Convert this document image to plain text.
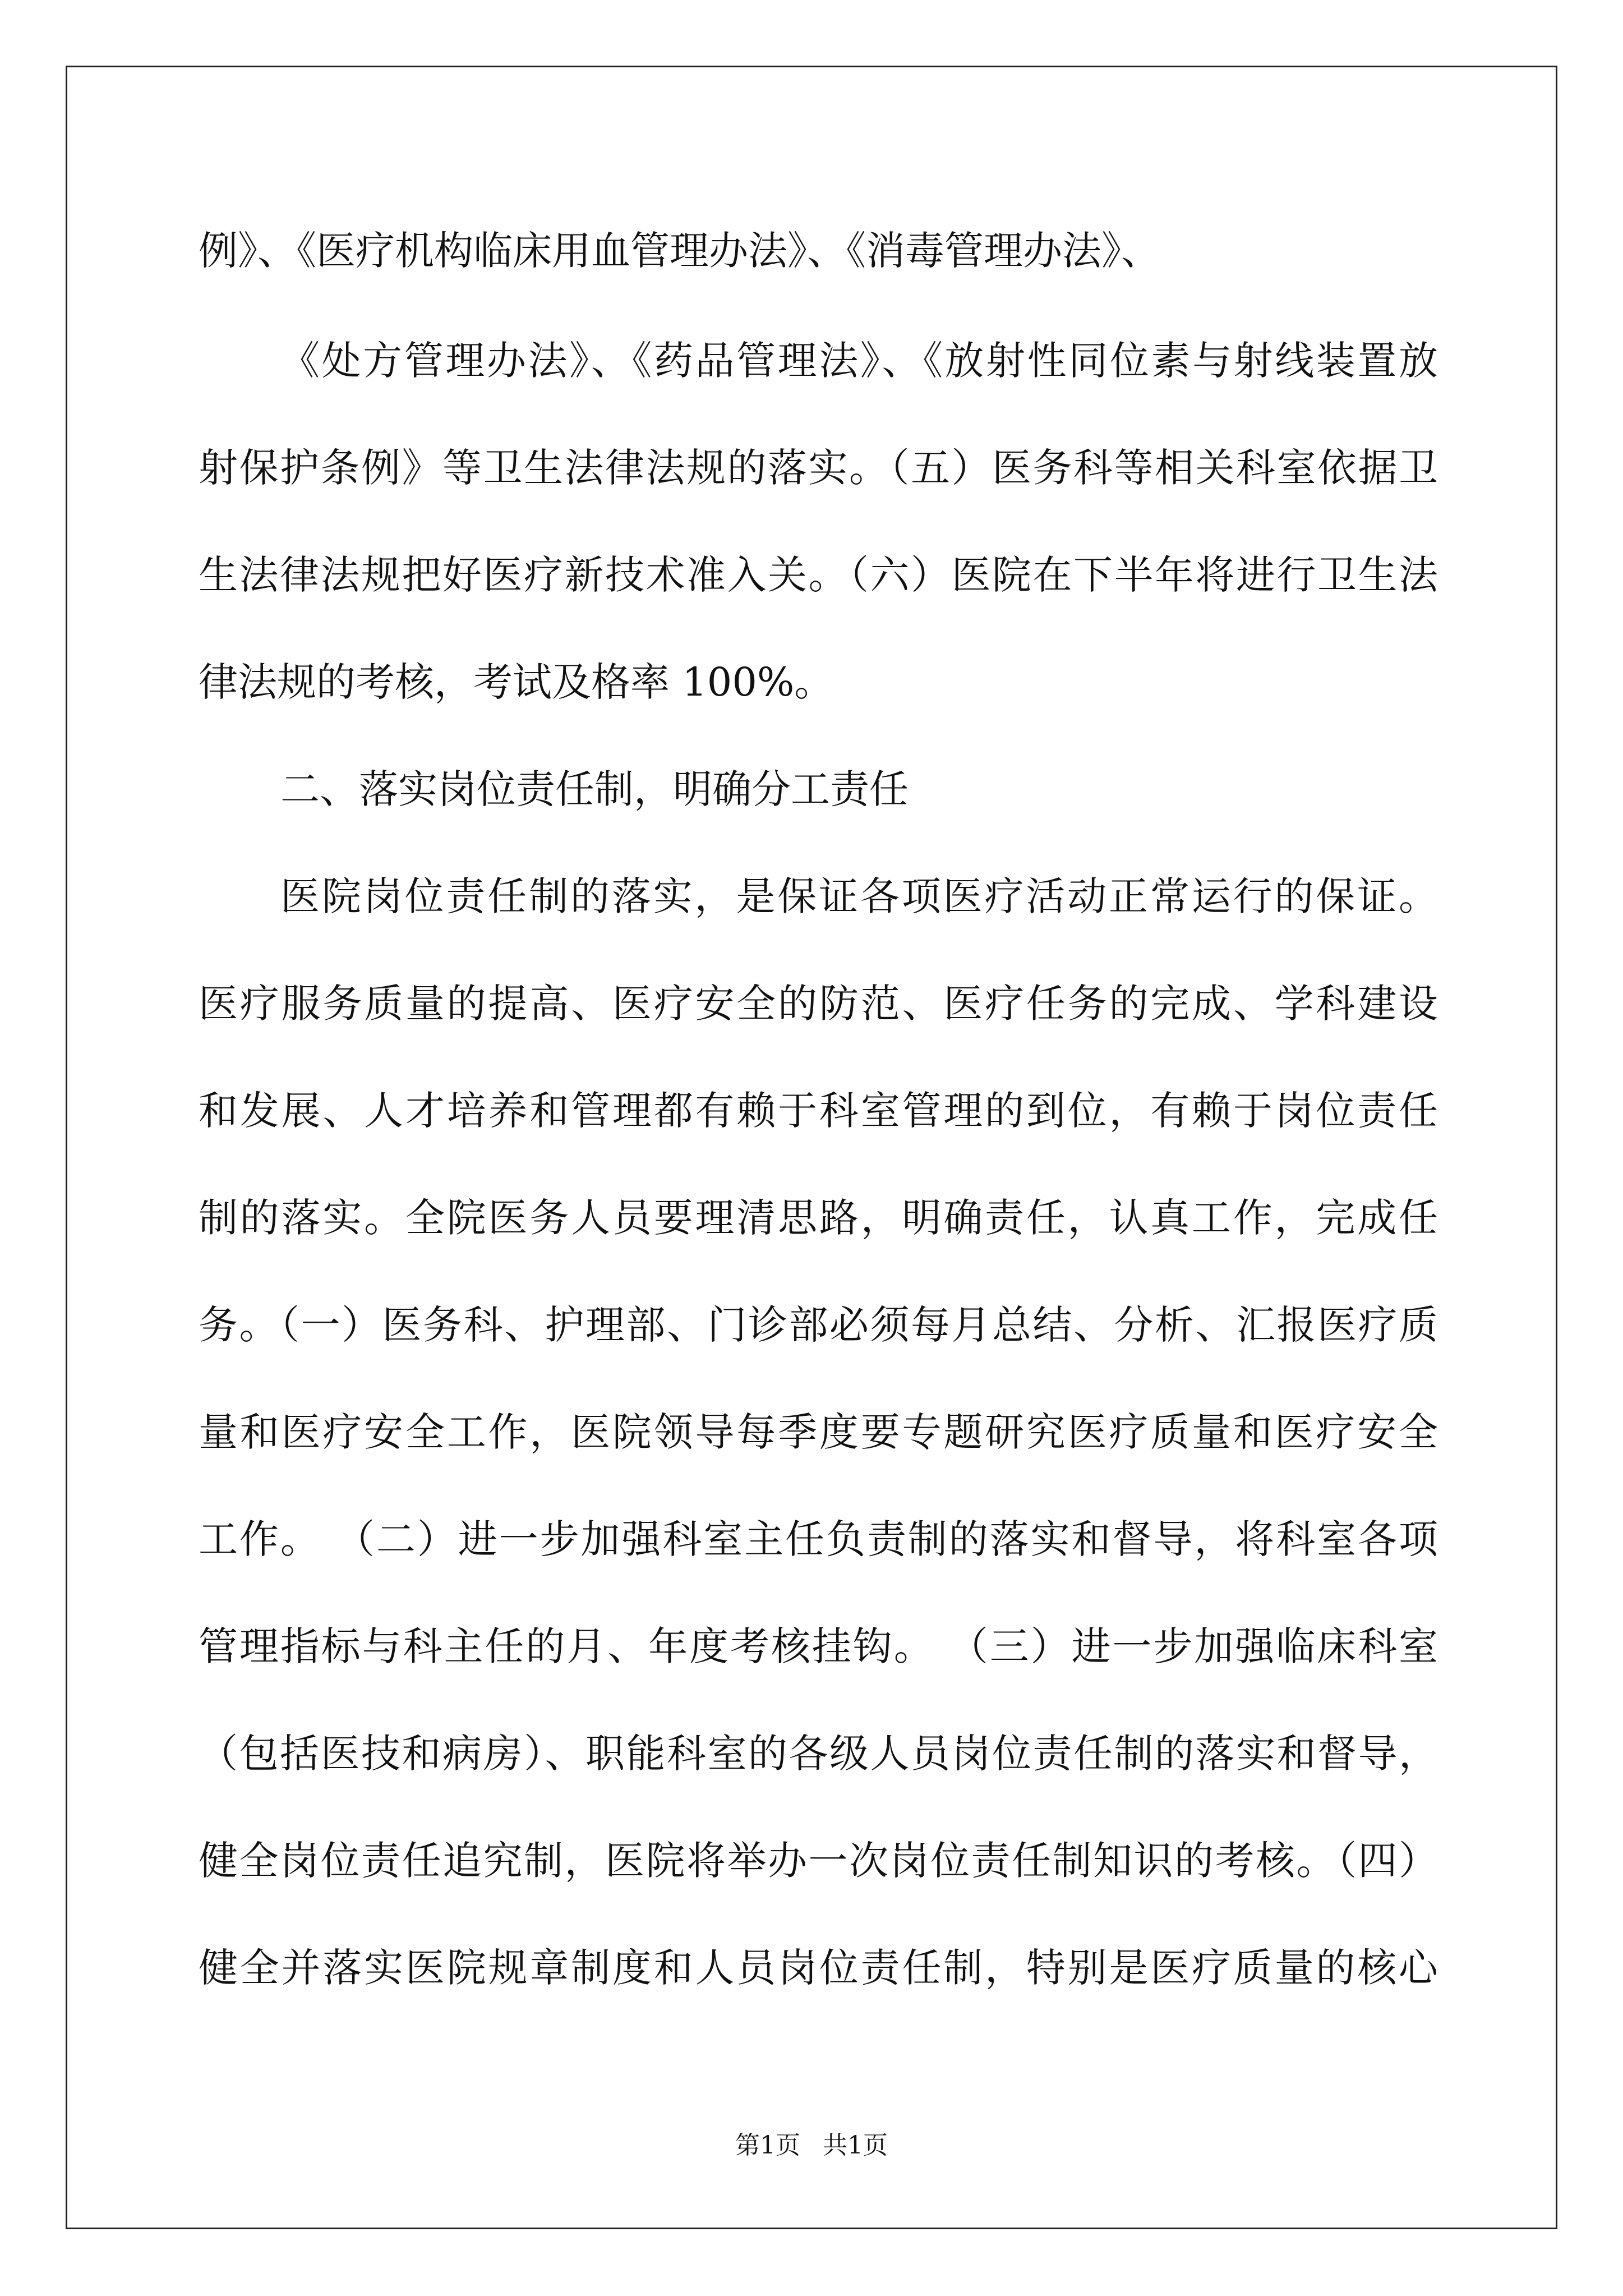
例》、《医疗机构临床用血管理办法》、《消毒管理办法》、
《处方管理办法》、《药品管理法》、《放射性同位素与射线装置放
射保护条例》等卫生法律法规的落实。（五）医务科等相关科室依据卫
生法律法规把好医疗新技术准入关。（六）医院在下半年将进行卫生法
律法规的考核，考试及格率 100%。
二、落实岗位责任制，明确分工责任
医院岗位责任制的落实，是保证各项医疗活动正常运行的保证。
医疗服务质量的提高、医疗安全的防范、医疗任务的完成、学科建设
和发展、人才培养和管理都有赖于科室管理的到位，有赖于岗位责任
制的落实。全院医务人员要理清思路，明确责任，认真工作，完成任
务。（一）医务科、护理部、门诊部必须每月总结、分析、汇报医疗质
量和医疗安全工作，医院领导每季度要专题研究医疗质量和医疗安全
工作。 （二）进一步加强科室主任负责制的落实和督导，将科室各项
管理指标与科主任的月、年度考核挂钩。 （三）进一步加强临床科室
（包括医技和病房）、职能科室的各级人员岗位责任制的落实和督导，
健全岗位责任追究制，医院将举办一次岗位责任制知识的考核。（四）
健全并落实医院规章制度和人员岗位责任制，特别是医疗质量的核心
第1页 共1页
